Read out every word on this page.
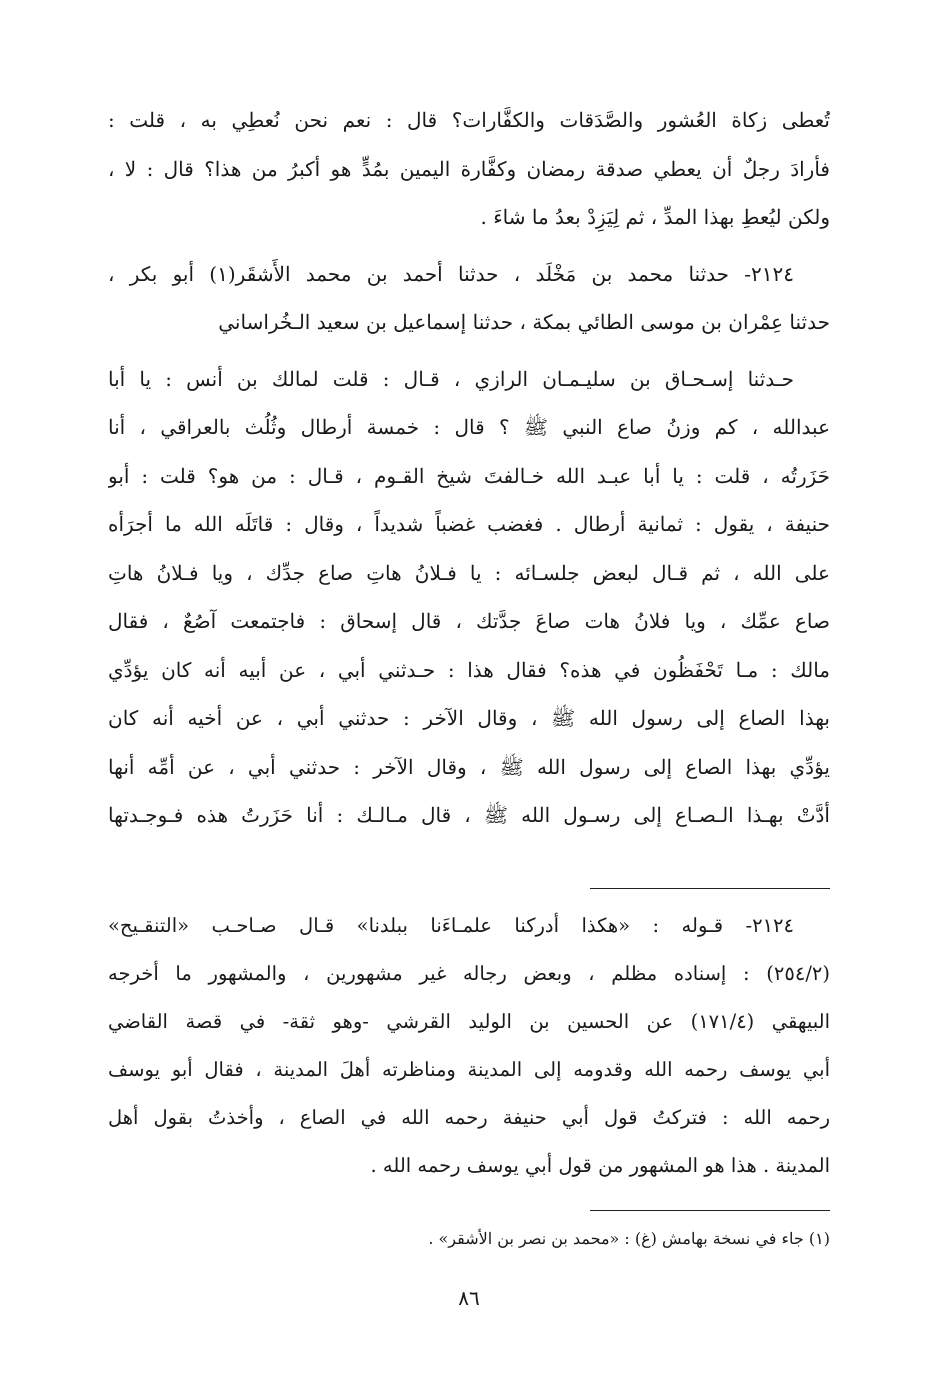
تُعطى زكاة العُشور والصَّدَقات والكفَّارات؟ قال : نعم نحن نُعطِي به ، قلت :
فأرادَ رجلٌ أن يعطي صدقة رمضان وكفَّارة اليمين بمُدٍّ هو أكبرُ من هذا؟ قال : لا ،
ولكن ليُعطِ بهذا المدِّ ، ثم لِيَزِدْ بعدُ ما شاءَ .
٢١٢٤- حدثنا محمد بن مَخْلَد ، حدثنا أحمد بن محمد الأَشقَر(١) أبو بكر ،
حدثنا عِمْران بن موسى الطائي بمكة ، حدثنا إسماعيل بن سعيد الـخُراساني
حـدثنا إسـحـاق بن سليـمـان الرازي ، قـال : قلت لمالك بن أنس : يا أبا
عبدالله ، كم وزنُ صاع النبي ﷺ ؟ قال : خمسة أرطال وثُلُث بالعراقي ، أنا
حَزَرتُه ، قلت : يا أبا عبـد الله خـالفتَ شيخ القـوم ، قـال : من هو؟ قلت : أبو
حنيفة ، يقول : ثمانية أرطال . فغضب غضباً شديداً ، وقال : قاتَلَه الله ما أجرَأه
على الله ، ثم قـال لبعض جلسـائه : يا فـلانُ هاتِ صاع جدِّك ، ويا فـلانُ هاتِ
صاع عمِّك ، ويا فلانُ هات صاعَ جدَّتك ، قال إسحاق : فاجتمعت آصُعٌ ، فقال
مالك : مـا تَحْفَظُون في هذه؟ فقال هذا : حـدثني أبي ، عن أبيه أنه كان يؤدِّي
بهذا الصاع إلى رسول الله ﷺ ، وقال الآخر : حدثني أبي ، عن أخيه أنه كان
يؤدِّي بهذا الصاع إلى رسول الله ﷺ ، وقال الآخر : حدثني أبي ، عن أمِّه أنها
أدَّتْ بهـذا الـصـاع إلى رسـول الله ﷺ ، قال مـالـك : أنا حَزَرتُ هذه فـوجـدتها
٢١٢٤- قـوله : «هكذا أدركنا علمـاءَنا ببلدنا» قـال صـاحـب «التنقـيح»
(٢٥٤/٢) : إسناده مظلم ، وبعض رجاله غير مشهورين ، والمشهور ما أخرجه
البيهقي (١٧١/٤) عن الحسين بن الوليد القرشي -وهو ثقة- في قصة القاضي
أبي يوسف رحمه الله وقدومه إلى المدينة ومناظرته أهلَ المدينة ، فقال أبو يوسف
رحمه الله : فتركتُ قول أبي حنيفة رحمه الله في الصاع ، وأخذتُ بقول أهل
المدينة . هذا هو المشهور من قول أبي يوسف رحمه الله .
(١) جاء في نسخة بهامش (غ) : «محمد بن نصر بن الأشقر» .
٨٦
